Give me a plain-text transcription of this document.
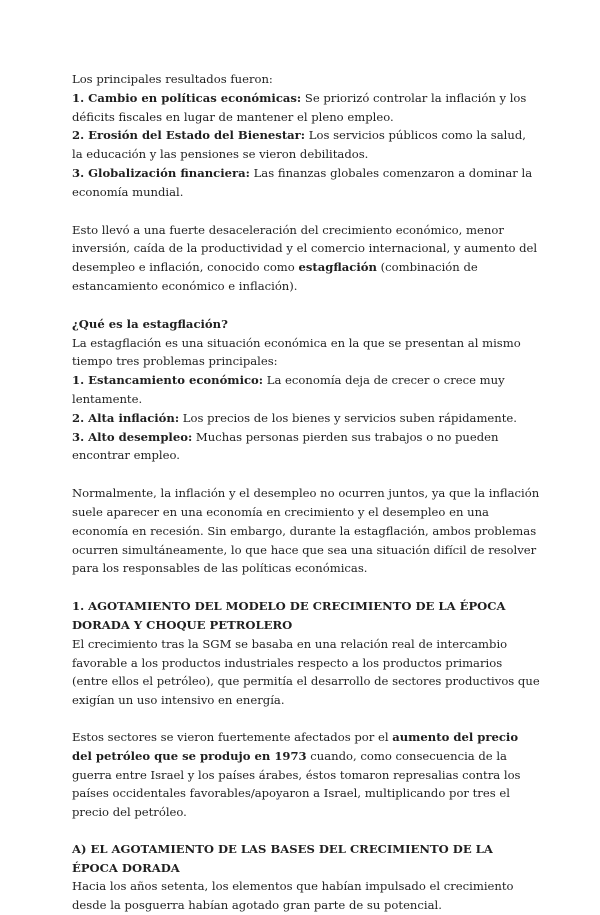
Los principales resultados fueron:

1. Cambio en políticas económicas: Se priorizó controlar la inflación y los déficits fiscales en lugar de mantener el pleno empleo.

2. Erosión del Estado del Bienestar: Los servicios públicos como la salud, la educación y las pensiones se vieron debilitados.

3. Globalización financiera: Las finanzas globales comenzaron a dominar la economía mundial.

Esto llevó a una fuerte desaceleración del crecimiento económico, menor inversión, caída de la productividad y el comercio internacional, y aumento del desempleo e inflación, conocido como estagflación (combinación de estancamiento económico e inflación).

¿Qué es la estagflación?

La estagflación es una situación económica en la que se presentan al mismo tiempo tres problemas principales:

1. Estancamiento económico: La economía deja de crecer o crece muy lentamente.

2. Alta inflación: Los precios de los bienes y servicios suben rápidamente.

3. Alto desempleo: Muchas personas pierden sus trabajos o no pueden encontrar empleo.

Normalmente, la inflación y el desempleo no ocurren juntos, ya que la inflación suele aparecer en una economía en crecimiento y el desempleo en una economía en recesión. Sin embargo, durante la estagflación, ambos problemas ocurren simultáneamente, lo que hace que sea una situación difícil de resolver para los responsables de las políticas económicas.

1. AGOTAMIENTO DEL MODELO DE CRECIMIENTO DE LA ÉPOCA DORADA Y CHOQUE PETROLERO

El crecimiento tras la SGM se basaba en una relación real de intercambio favorable a los productos industriales respecto a los productos primarios (entre ellos el petróleo), que permitía el desarrollo de sectores productivos que exigían un uso intensivo en energía.

Estos sectores se vieron fuertemente afectados por el aumento del precio del petróleo que se produjo en 1973 cuando, como consecuencia de la guerra entre Israel y los países árabes, éstos tomaron represalias contra los países occidentales favorables/apoyaron a Israel, multiplicando por tres el precio del petróleo.

A) EL AGOTAMIENTO DE LAS BASES DEL CRECIMIENTO DE LA ÉPOCA DORADA

Hacia los años setenta, los elementos que habían impulsado el crecimiento desde la posguerra habían agotado gran parte de su potencial.
